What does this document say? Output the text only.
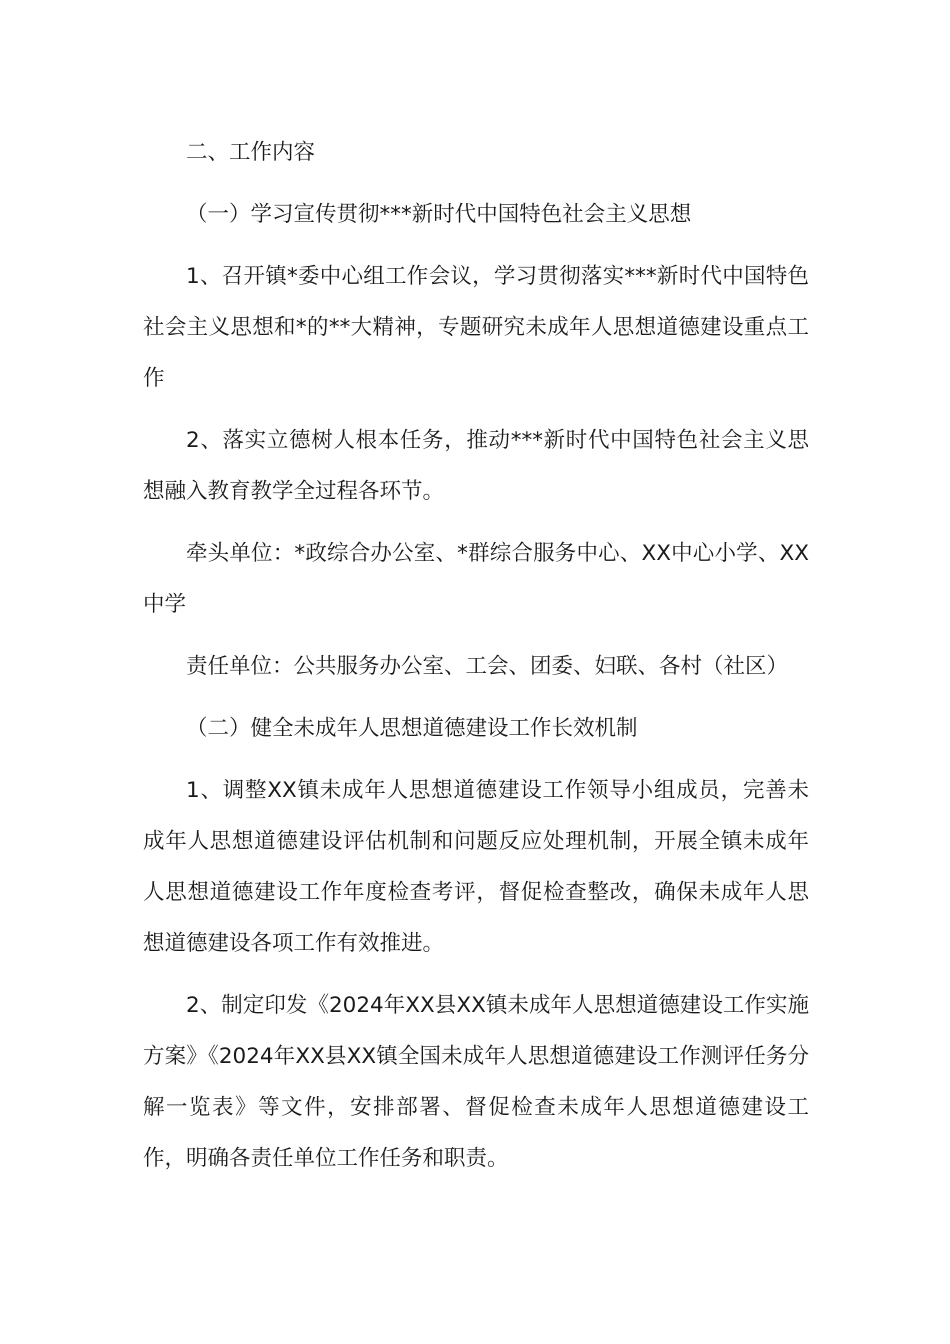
二、工作内容

（一）学习宣传贯彻***新时代中国特色社会主义思想

1、召开镇*委中心组工作会议，学习贯彻落实***新时代中国特色社会主义思想和*的**大精神，专题研究未成年人思想道德建设重点工作

2、落实立德树人根本任务，推动***新时代中国特色社会主义思想融入教育教学全过程各环节。

牵头单位：*政综合办公室、*群综合服务中心、XX中心小学、XX中学

责任单位：公共服务办公室、工会、团委、妇联、各村（社区）

（二）健全未成年人思想道德建设工作长效机制

1、调整XX镇未成年人思想道德建设工作领导小组成员，完善未成年人思想道德建设评估机制和问题反应处理机制，开展全镇未成年人思想道德建设工作年度检查考评，督促检查整改，确保未成年人思想道德建设各项工作有效推进。

2、制定印发《2024年XX县XX镇未成年人思想道德建设工作实施方案》《2024年XX县XX镇全国未成年人思想道德建设工作测评任务分解一览表》等文件，安排部署、督促检查未成年人思想道德建设工作，明确各责任单位工作任务和职责。
